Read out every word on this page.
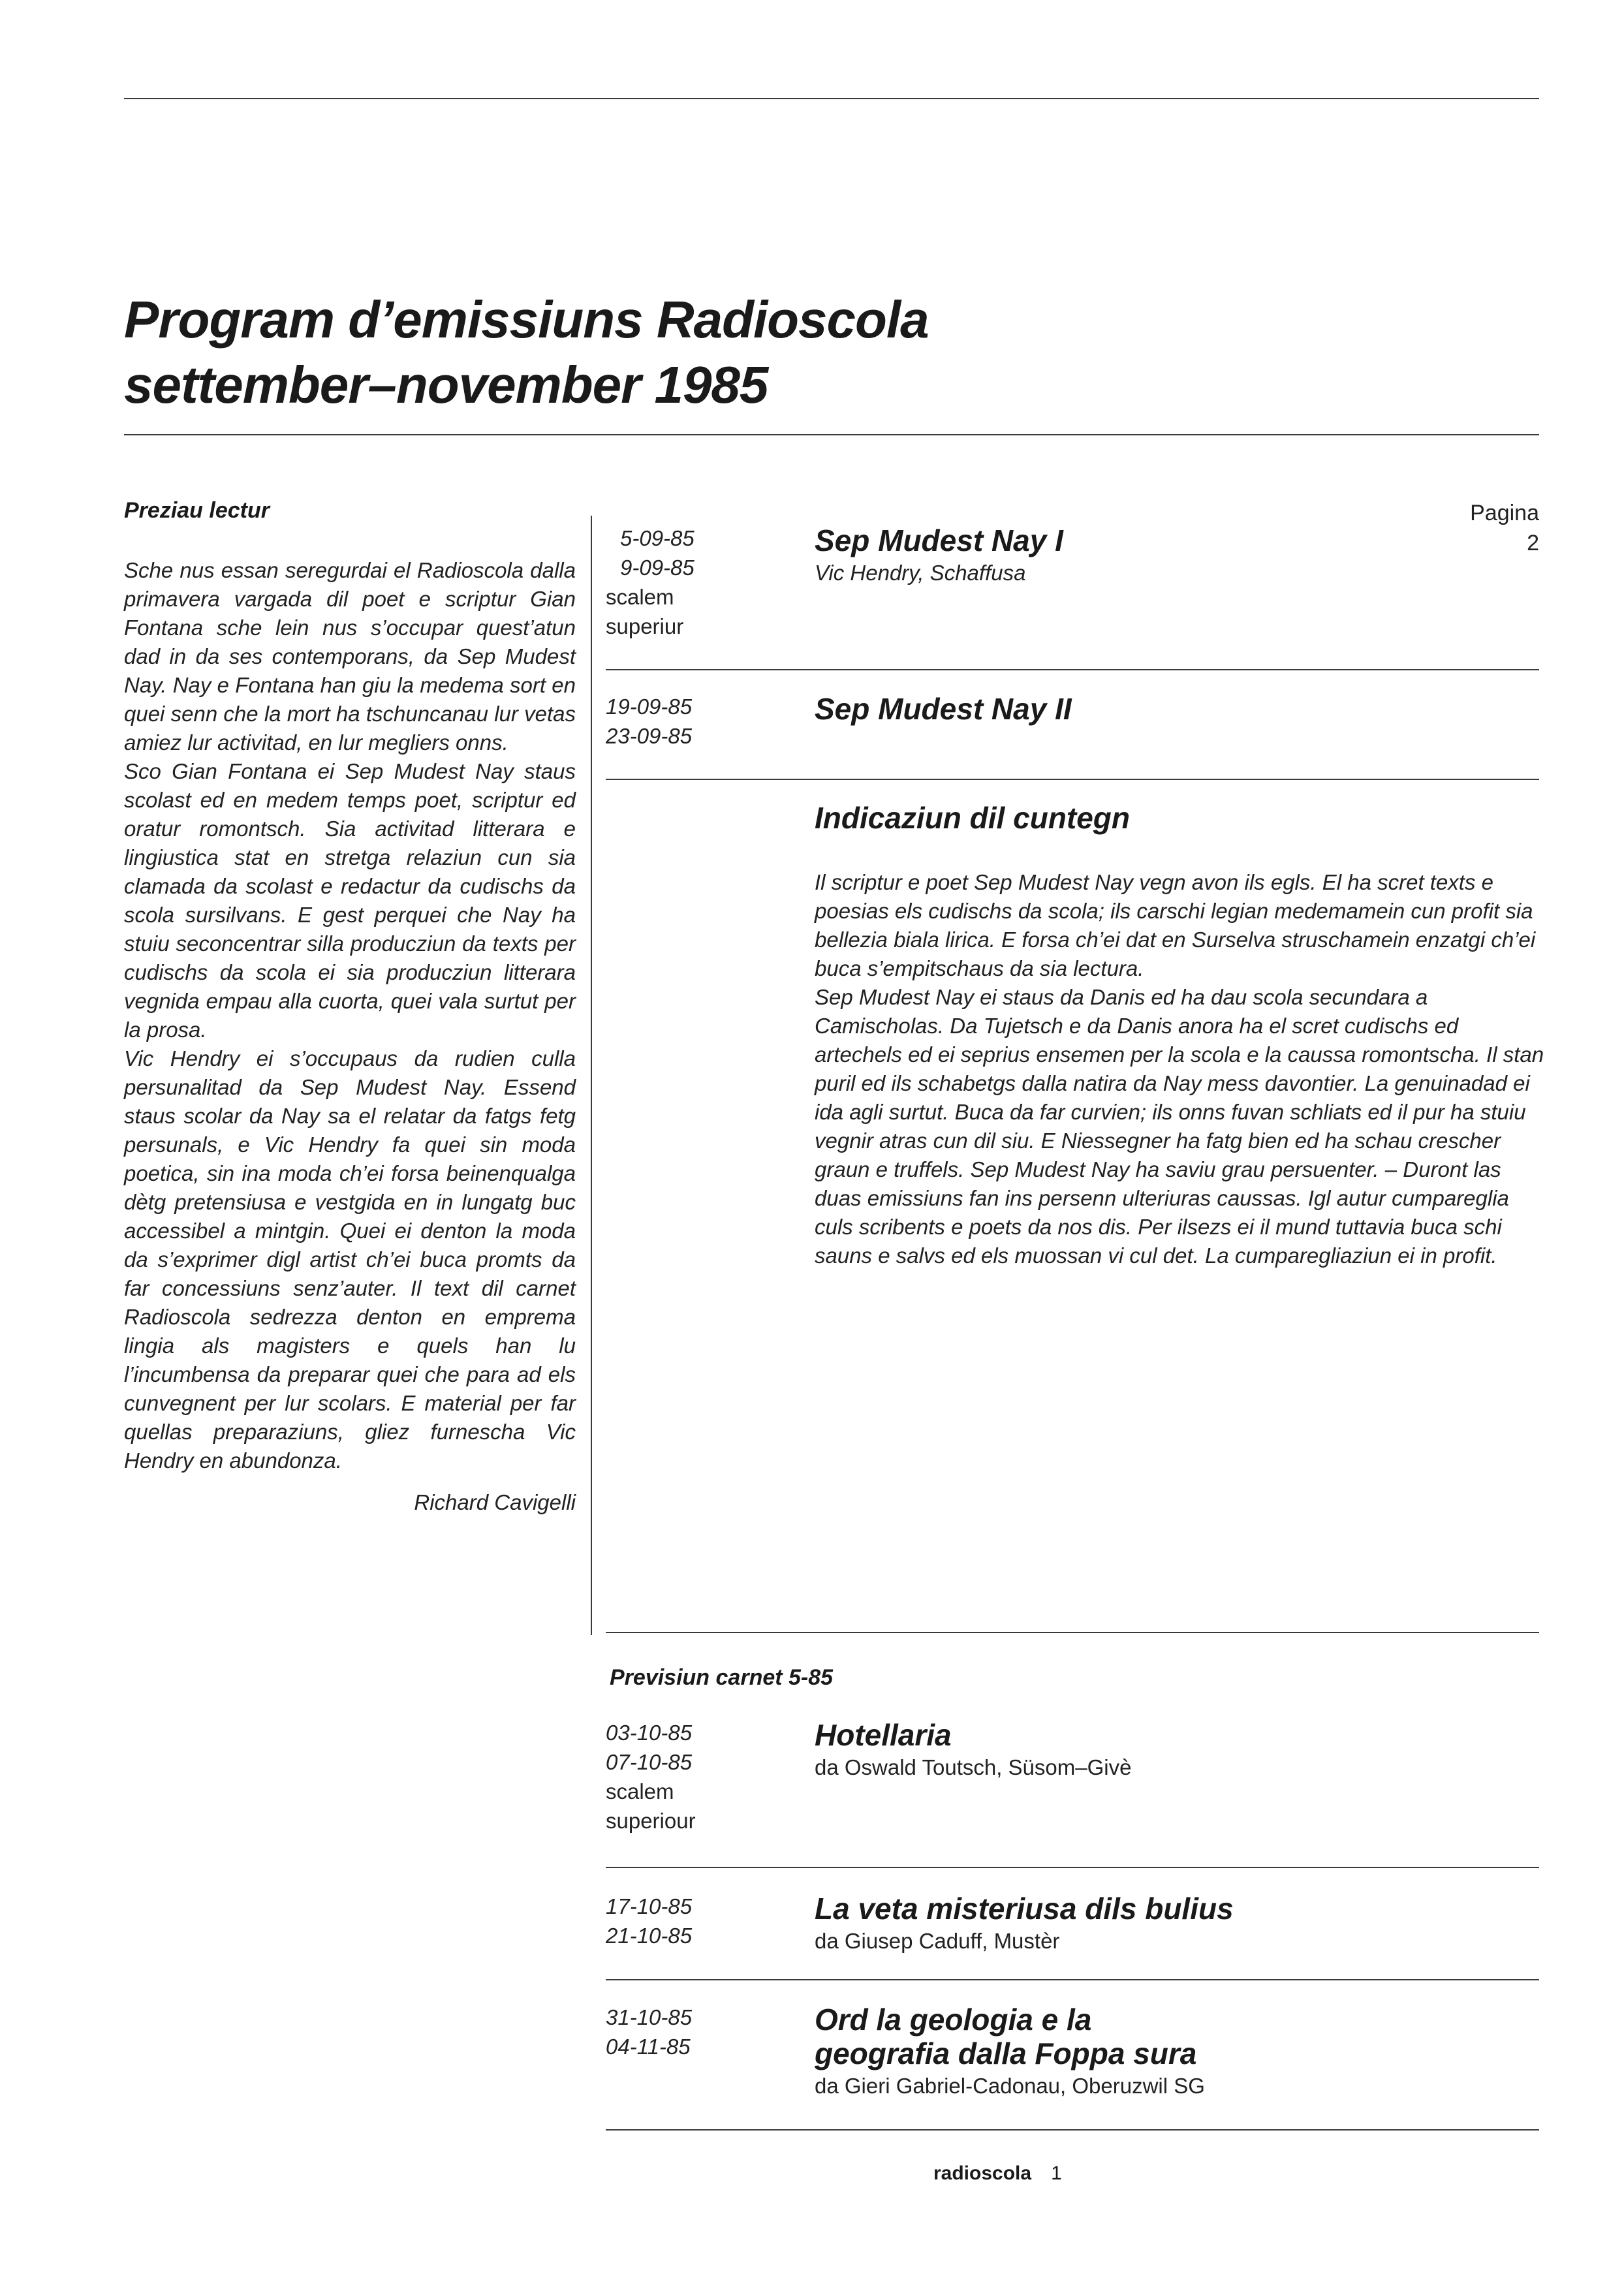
Program d’emissiuns Radioscola
settember–november 1985
Preziau lectur

Sche nus essan seregurdai el Radioscola dalla primavera vargada dil poet e scriptur Gian Fontana sche lein nus s’occupar quest’atun dad in da ses contemporans, da Sep Mudest Nay. Nay e Fontana han giu la medema sort en quei senn che la mort ha tschuncanau lur vetas amiez lur activitad, en lur megliers onns.

Sco Gian Fontana ei Sep Mudest Nay staus scolast ed en medem temps poet, scriptur ed oratur romontsch. Sia activitad litterara e lingiustica stat en stretga relaziun cun sia clamada da scolast e redactur da cudischs da scola sursilvans. E gest perquei che Nay ha stuiu seconcentrar silla producziun da texts per cudischs da scola ei sia producziun litterara vegnida empau alla cuorta, quei vala surtut per la prosa.

Vic Hendry ei s’occupaus da rudien culla persunalitad da Sep Mudest Nay. Essend staus scolar da Nay sa el relatar da fatgs fetg persunals, e Vic Hendry fa quei sin moda poetica, sin ina moda ch’ei forsa beinenqualga dètg pretensiusa e vestgida en in lungatg buc accessibel a mintgin. Quei ei denton la moda da s’exprimer digl artist ch’ei buca promts da far concessiuns senz’auter. Il text dil carnet Radioscola sedrezza denton en emprema lingia als magisters e quels han lu l’incumbensa da preparar quei che para ad els cunvegnent per lur scolars. E material per far quellas preparaziuns, gliez furnescha Vic Hendry en abundonza.

Richard Cavigelli
Pagina
2
5-09-85
9-09-85
scalem
superiur
Sep Mudest Nay I
Vic Hendry, Schaffusa
19-09-85
23-09-85
Sep Mudest Nay II
Indicaziun dil cuntegn

Il scriptur e poet Sep Mudest Nay vegn avon ils egls. El ha scret texts e poesias els cudischs da scola; ils carschi legian medemamein cun profit sia bellezia biala lirica. E forsa ch’ei dat en Surselva struschamein enzatgi ch’ei buca s’empitschaus da sia lectura.

Sep Mudest Nay ei staus da Danis ed ha dau scola secundara a Camischolas. Da Tujetsch e da Danis anora ha el scret cudischs ed artechels ed ei seprius ensemen per la scola e la caussa romontscha. Il stan puril ed ils schabetgs dalla natira da Nay mess davontier. La genuinadad ei ida agli surtut. Buca da far curvien; ils onns fuvan schliats ed il pur ha stuiu vegnir atras cun dil siu. E Niessegner ha fatg bien ed ha schau crescher graun e truffels. Sep Mudest Nay ha saviu grau persuenter. – Duront las duas emissiuns fan ins persenn ulteriuras caussas. Igl autur cumpareglia culs scribents e poets da nos dis. Per ilsezs ei il mund tuttavia buca schi sauns e salvs ed els muossan vi cul det. La cumparegliaziun ei in profit.

Previsiun carnet 5-85
03-10-85
07-10-85
scalem
superiour
Hotellaria
da Oswald Toutsch, Süsom–Givè
17-10-85
21-10-85
La veta misteriusa dils bulius
da Giusep Caduff, Mustèr
31-10-85
04-11-85
Ord la geologia e la
geografia dalla Foppa sura
da Gieri Gabriel-Cadonau, Oberuzwil SG
radioscola 1
